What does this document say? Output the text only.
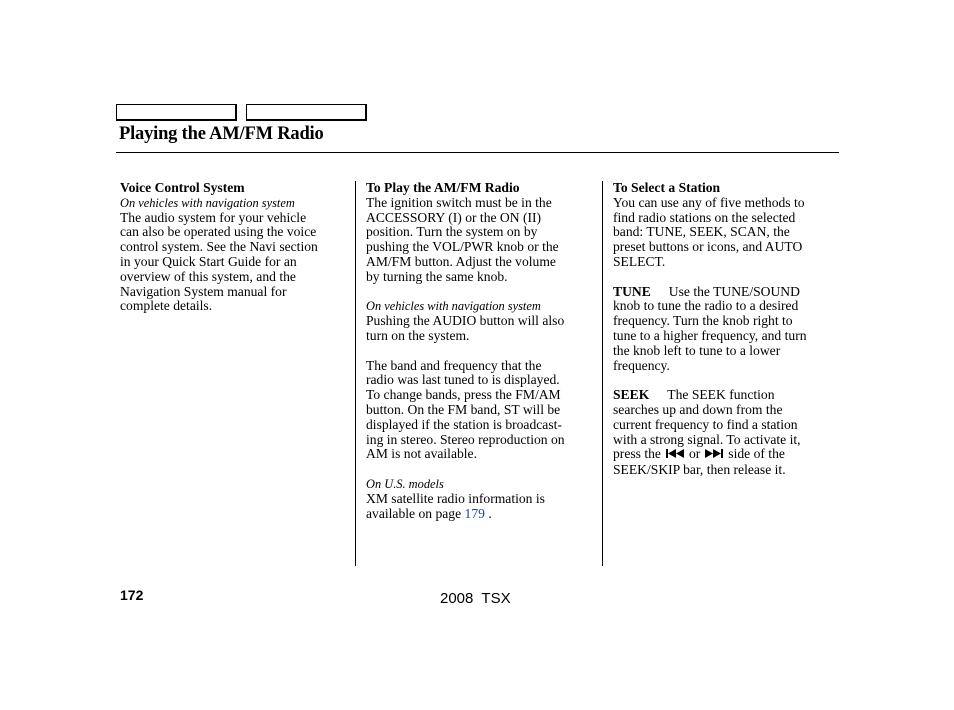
Playing the AM/FM Radio

Voice Control System

On vehicles with navigation system

The audio system for your vehicle

can also be operated using the voice

control system. See the Navi section

in your Quick Start Guide for an

overview of this system, and the

Navigation System manual for

complete details.

To Play the AM/FM Radio

The ignition switch must be in the

ACCESSORY (I) or the ON (II)

position. Turn the system on by

pushing the VOL/PWR knob or the

AM/FM button. Adjust the volume

by turning the same knob.

On vehicles with navigation system

Pushing the AUDIO button will also

turn on the system.

The band and frequency that the

radio was last tuned to is displayed.

To change bands, press the FM/AM

button. On the FM band, ST will be

displayed if the station is broadcast-

ing in stereo. Stereo reproduction on

AM is not available.

On U.S. models

XM satellite radio information is

available on page 179 .

To Select a Station

You can use any of five methods to

find radio stations on the selected

band: TUNE, SEEK, SCAN, the

preset buttons or icons, and AUTO

SELECT.

TUNE Use the TUNE/SOUND

knob to tune the radio to a desired

frequency. Turn the knob right to

tune to a higher frequency, and turn

the knob left to tune to a lower

frequency.

SEEK The SEEK function

searches up and down from the

current frequency to find a station

with a strong signal. To activate it,

press the or side of the

SEEK/SKIP bar, then release it.

172	2008  TSX
